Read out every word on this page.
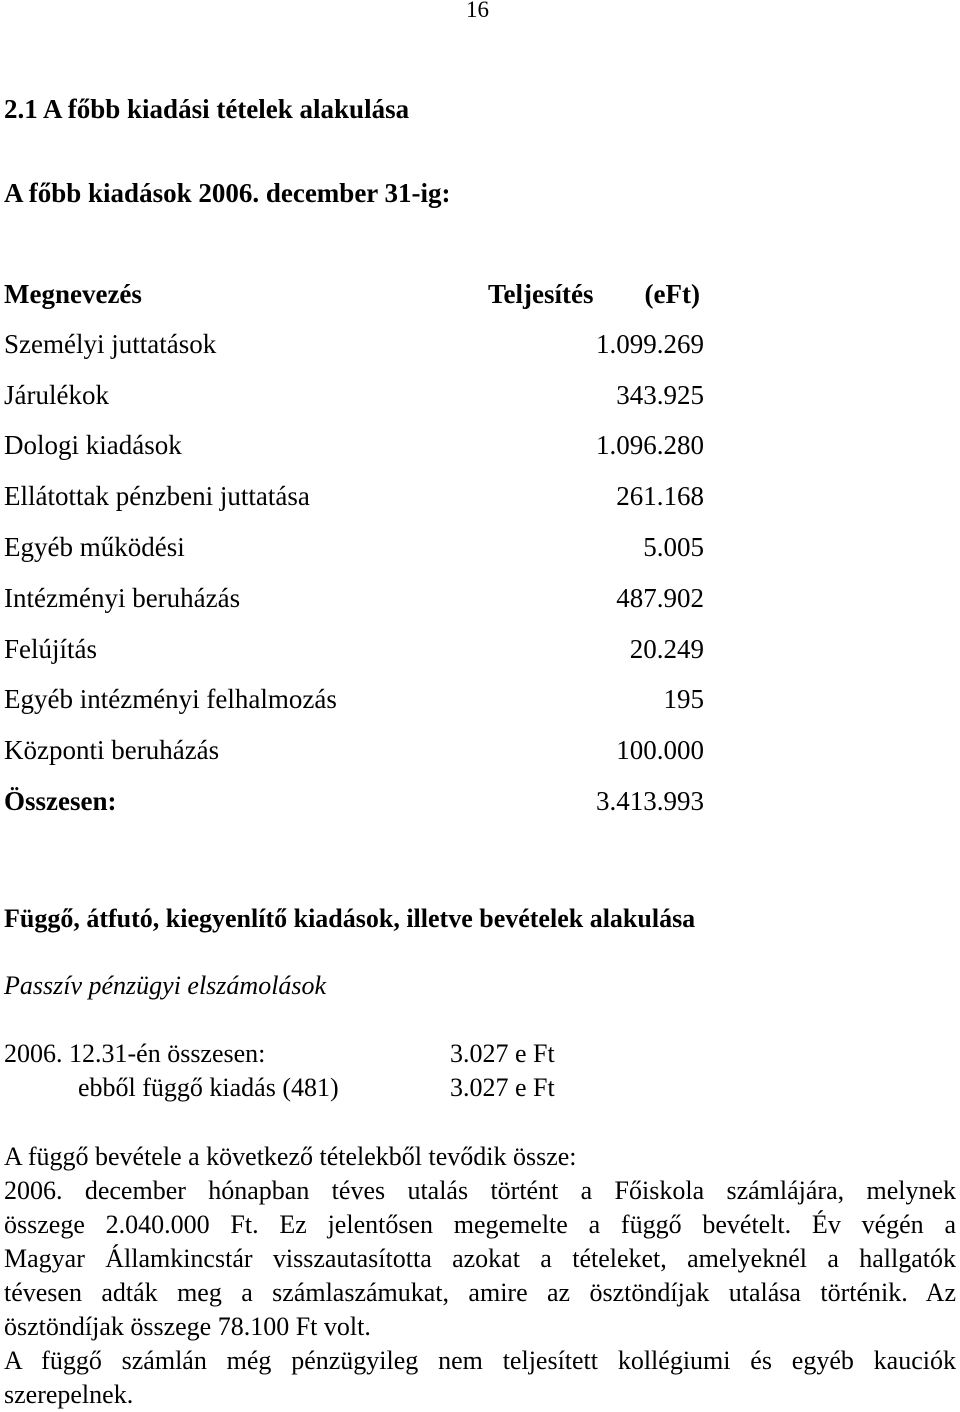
16
2.1 A főbb kiadási tételek alakulása
A főbb kiadások 2006. december 31-ig:
Megnevezés	Teljesítés (eFt)
Személyi juttatások	1.099.269
Járulékok	343.925
Dologi kiadások	1.096.280
Ellátottak pénzbeni juttatása	261.168
Egyéb működési	5.005
Intézményi beruházás	487.902
Felújítás	20.249
Egyéb intézményi felhalmozás	195
Központi beruházás	100.000
Összesen:	3.413.993
Függő, átfutó, kiegyenlítő kiadások, illetve bevételek alakulása
Passzív pénzügyi elszámolások
2006. 12.31-én összesen:	3.027 e Ft
ebből függő kiadás (481)	3.027 e Ft
A függő bevétele a következő tételekből tevődik össze:
2006. december hónapban téves utalás történt a Főiskola számlájára, melynek
összege 2.040.000 Ft. Ez jelentősen megemelte a függő bevételt. Év végén a
Magyar Államkincstár visszautasította azokat a tételeket, amelyeknél a hallgatók
tévesen adták meg a számlaszámukat, amire az ösztöndíjak utalása történik. Az
ösztöndíjak összege 78.100 Ft volt.
A függő számlán még pénzügyileg nem teljesített kollégiumi és egyéb kauciók
szerepelnek.
